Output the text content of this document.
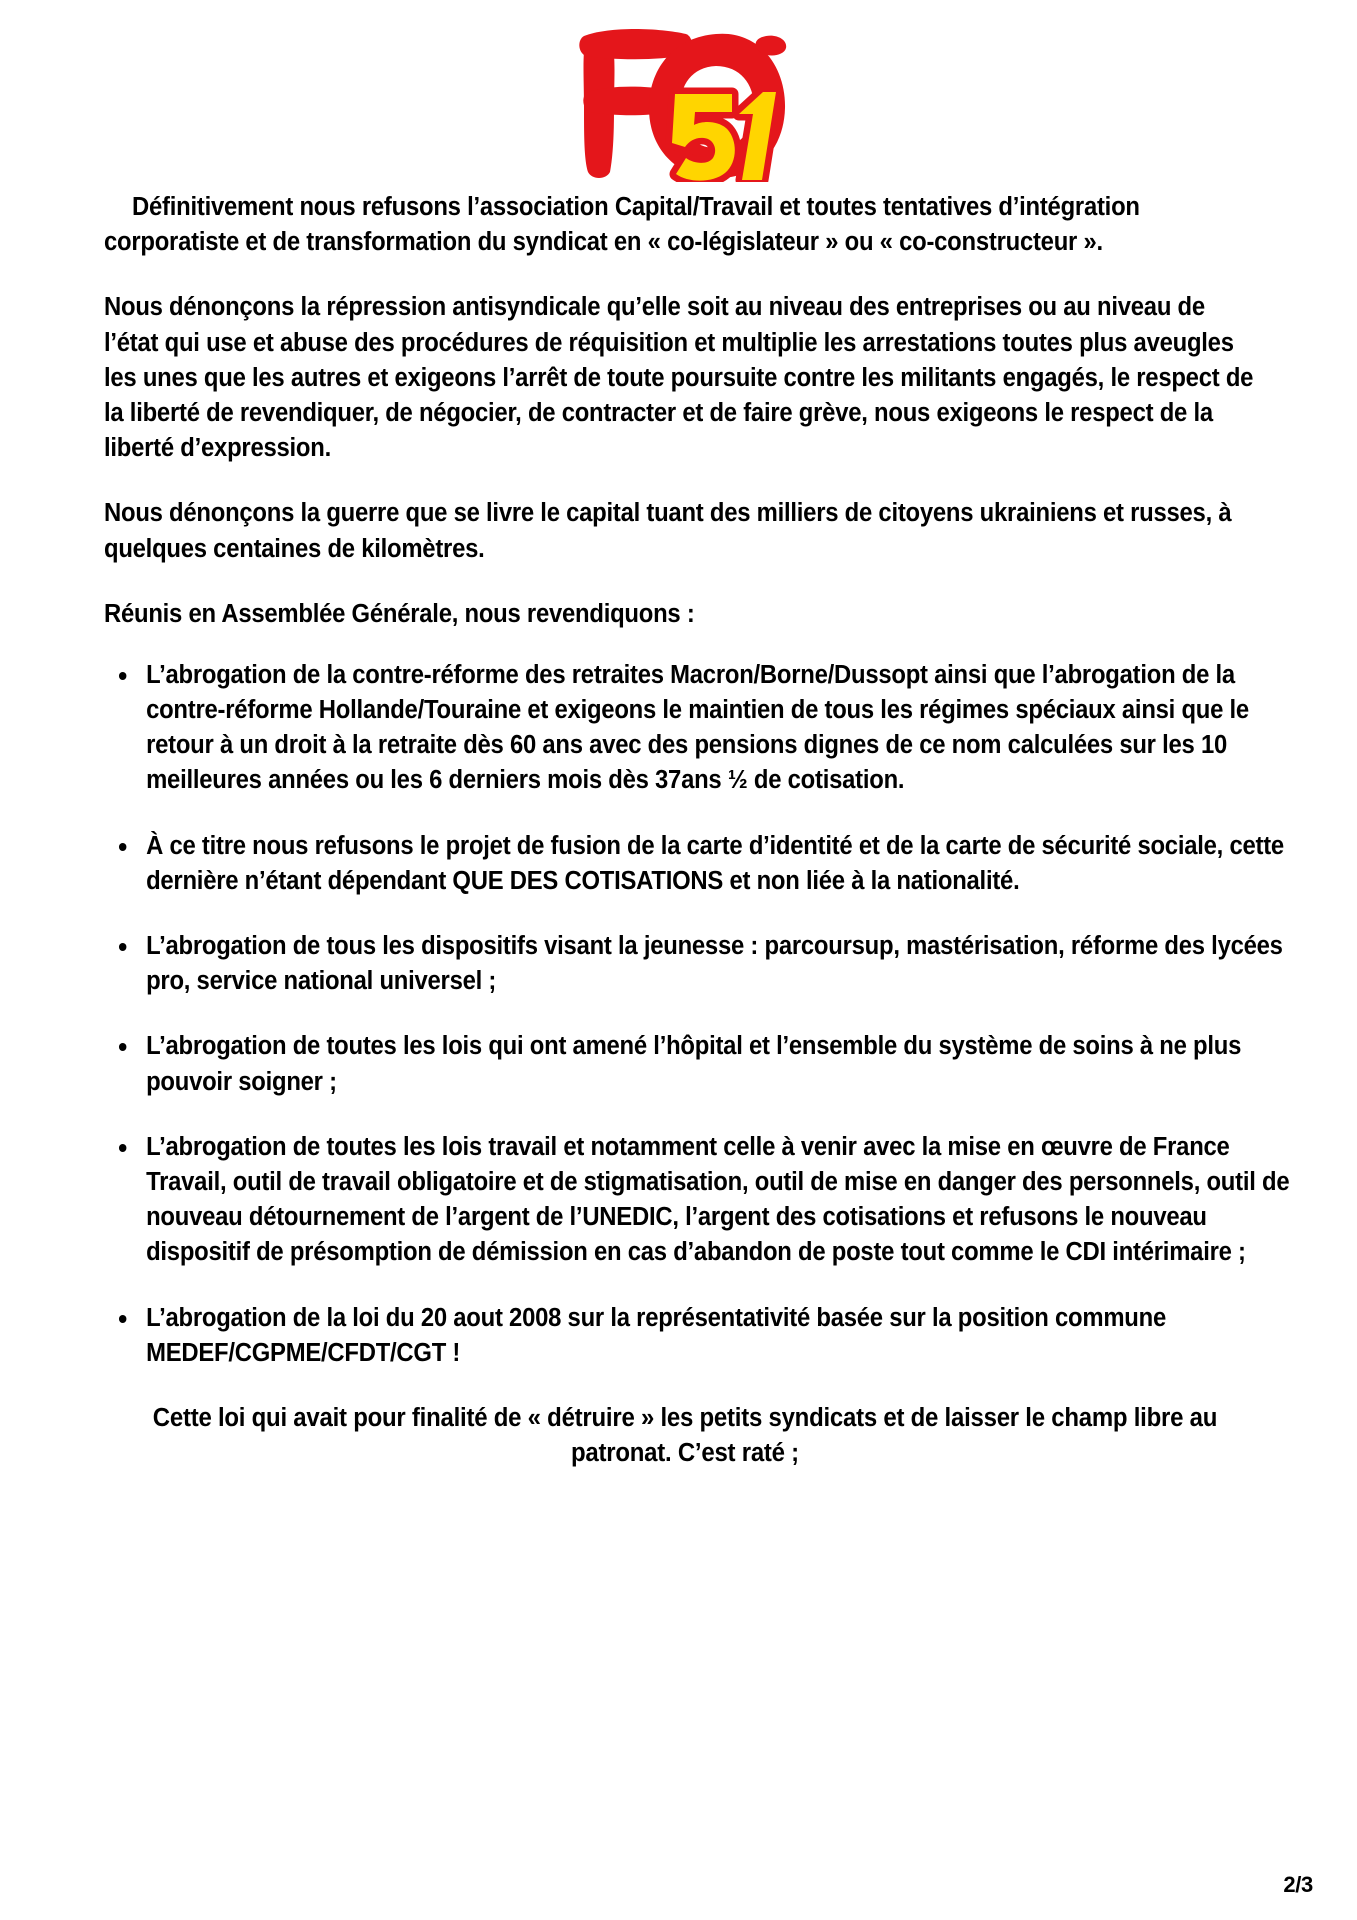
Définitivement nous refusons l’association Capital/Travail et toutes tentatives d’intégration corporatiste et de transformation du syndicat en « co-législateur » ou « co-constructeur ».

Nous dénonçons la répression antisyndicale qu’elle soit au niveau des entreprises ou au niveau de l’état qui use et abuse des procédures de réquisition et multiplie les arrestations toutes plus aveugles les unes que les autres et exigeons l’arrêt de toute poursuite contre les militants engagés, le respect de la liberté de revendiquer, de négocier, de contracter et de faire grève, nous exigeons le respect de la liberté d’expression.

Nous dénonçons la guerre que se livre le capital tuant des milliers de citoyens ukrainiens et russes, à quelques centaines de kilomètres.

Réunis en Assemblée Générale, nous revendiquons :

L’abrogation de la contre-réforme des retraites Macron/Borne/Dussopt ainsi que l’abrogation de la contre-réforme Hollande/Touraine et exigeons le maintien de tous les régimes spéciaux ainsi que le retour à un droit à la retraite dès 60 ans avec des pensions dignes de ce nom calculées sur les 10 meilleures années ou les 6 derniers mois dès 37ans ½ de cotisation.
À ce titre nous refusons le projet de fusion de la carte d’identité et de la carte de sécurité sociale, cette dernière n’étant dépendant QUE DES COTISATIONS et non liée à la nationalité.
L’abrogation de tous les dispositifs visant la jeunesse : parcoursup, mastérisation, réforme des lycées pro, service national universel ;
L’abrogation de toutes les lois qui ont amené l’hôpital et l’ensemble du système de soins à ne plus pouvoir soigner ;
L’abrogation de toutes les lois travail et notamment celle à venir avec la mise en œuvre de France Travail, outil de travail obligatoire et de stigmatisation, outil de mise en danger des personnels, outil de nouveau détournement de l’argent de l’UNEDIC, l’argent des cotisations et refusons le nouveau dispositif de présomption de démission en cas d’abandon de poste tout comme le CDI intérimaire ;
L’abrogation de la loi du 20 aout 2008 sur la représentativité basée sur la position commune MEDEF/CGPME/CFDT/CGT !

Cette loi qui avait pour finalité de « détruire » les petits syndicats et de laisser le champ libre au patronat. C’est raté ;

2/3
